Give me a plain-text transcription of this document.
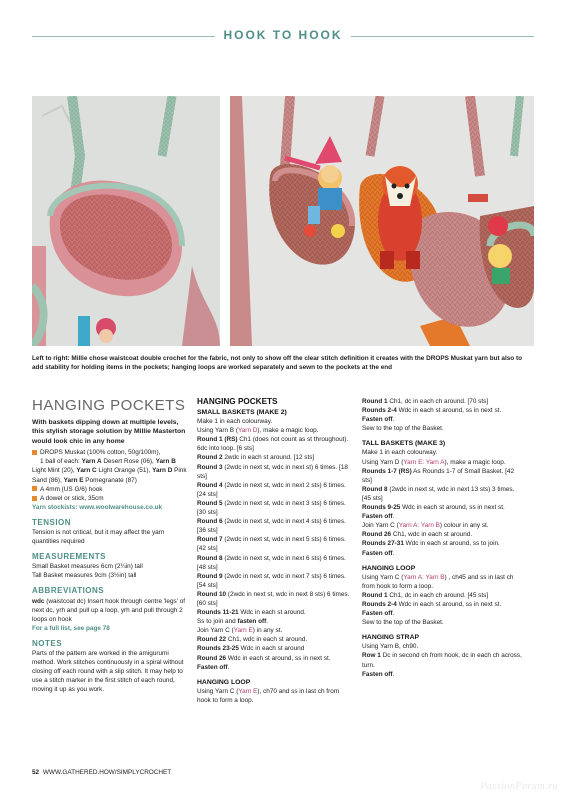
HOOK TO HOOK
Left to right: Millie chose waistcoat double crochet for the fabric, not only to show off the clear stitch definition it creates with the DROPS Muskat yarn but also to add stability for holding items in the pockets; hanging loops are worked separately and sewn to the pockets at the end
HANGING POCKETS
With baskets dipping down at multiple levels, this stylish storage solution by Millie Masterton would look chic in any home

DROPS Muskat (100% cotton, 50g/100m),
1 ball of each: Yarn A Desert Rose (06), Yarn B Light Mint (20), Yarn C Light Orange (51), Yarn D Pink Sand (86), Yarn E Pomegranate (87)

A 4mm (US G/6) hook

A dowel or stick, 35cm

Yarn stockists: www.woolwarehouse.co.uk

TENSION

Tension is not critical, but it may affect the yarn quantities required

MEASUREMENTS

Small Basket measures 6cm (2¼in) tall

Tall Basket measures 9cm (3½in) tall

ABBREVIATIONS

wdc (waistcoat dc) Insert hook through centre 'legs' of next dc, yrh and pull up a loop, yrh and pull through 2 loops on hook

For a full list, see page 78

NOTES

Parts of the pattern are worked in the amigurumi method. Work stitches continuously in a spiral without closing off each round with a slip stitch. It may help to use a stitch marker in the first stitch of each round, moving it up as you work.

HANGING POCKETS
SMALL BASKETS (MAKE 2)

Make 1 in each colourway.

Using Yarn B (Yarn D), make a magic loop.

Round 1 (RS) Ch1 (does not count as st throughout). 6dc into loop. [6 sts]

Round 2 2wdc in each st around. [12 sts]

Round 3 (2wdc in next st, wdc in next st) 6 times. [18 sts]

Round 4 (2wdc in next st, wdc in next 2 sts) 6 times. [24 sts]

Round 5 (2wdc in next st, wdc in next 3 sts) 6 times. [30 sts]

Round 6 (2wdc in next st, wdc in next 4 sts) 6 times. [36 sts]

Round 7 (2wdc in next st, wdc in next 5 sts) 6 times. [42 sts]

Round 8 (2wdc in next st, wdc in next 6 sts) 6 times. [48 sts]

Round 9 (2wdc in next st, wdc in next 7 sts) 6 times. [54 sts]

Round 10 (2wdc in next st, wdc in next 8 sts) 6 times. [60 sts]

Rounds 11-21 Wdc in each st around.

Ss to join and fasten off.

Join Yarn C (Yarn E) in any st.

Round 22 Ch1, wdc in each st around.

Rounds 23-25 Wdc in each st around

Round 26 Wdc in each st around, ss in next st.

Fasten off.

HANGING LOOP

Using Yarn C (Yarn E), ch70 and ss in last ch from hook to form a loop.

Round 1 Ch1, dc in each ch around. [70 sts]

Rounds 2-4 Wdc in each st around, ss in next st.

Fasten off.

Sew to the top of the Basket.

TALL BASKETS (MAKE 3)

Make 1 in each colourway.

Using Yarn D (Yarn E: Yarn A), make a magic loop.

Rounds 1-7 (RS) As Rounds 1-7 of Small Basket. [42 sts]

Round 8 (2wdc in next st, wdc in next 13 sts) 3 times. [45 sts]

Rounds 9-25 Wdc in each st around, ss in next st.

Fasten off.

Join Yarn C (Yarn A: Yarn B) colour in any st.

Round 26 Ch1, wdc in each st around.

Rounds 27-31 Wdc in each st around, ss to join.

Fasten off.

HANGING LOOP

Using Yarn C (Yarn A: Yarn B) , ch45 and ss in last ch from hook to form a loop.

Round 1 Ch1, dc in each ch around. [45 sts]

Rounds 2-4 Wdc in each st around, ss in next st.

Fasten off.

Sew to the top of the Basket.

HANGING STRAP

Using Yarn B, ch90.

Row 1 Dc in second ch from hook, dc in each ch across, turn.

Fasten off.

52 WWW.GATHERED.HOW/SIMPLYCROCHET
PassionForum.ru
